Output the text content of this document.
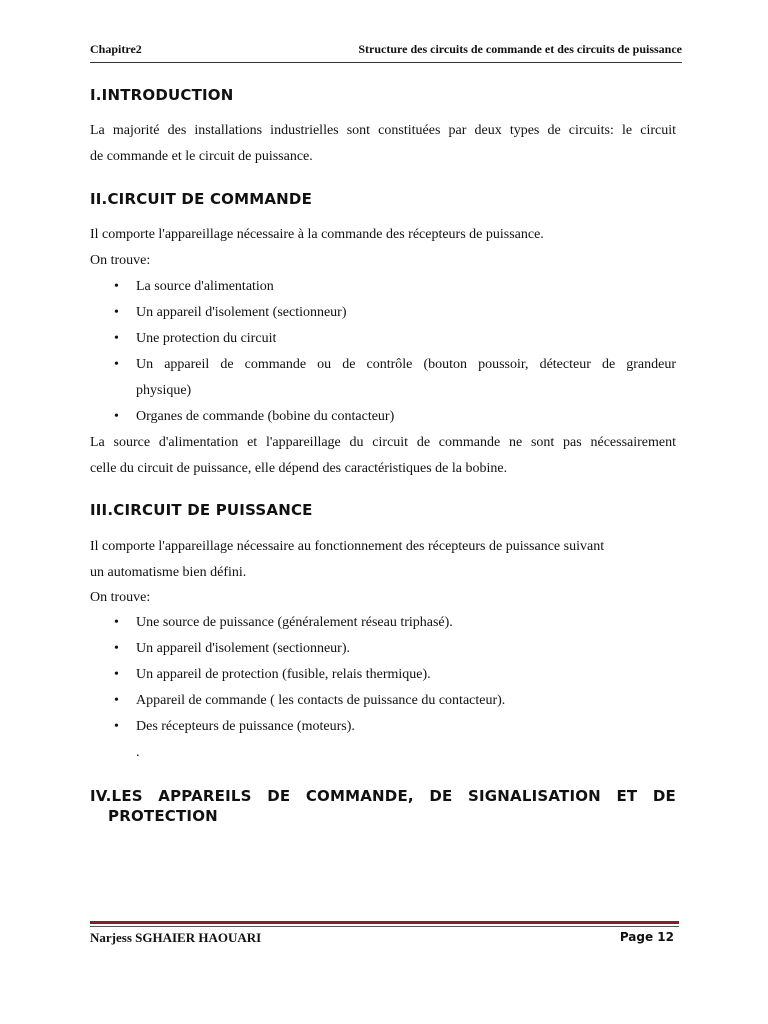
Chapitre2	Structure des circuits de commande et des circuits de puissance
I.INTRODUCTION
La majorité des installations industrielles sont constituées par deux types de circuits: le circuit
de commande et le circuit de puissance.
II.CIRCUIT DE COMMANDE
Il comporte l'appareillage nécessaire à la commande des récepteurs de puissance.
On trouve:
•	La source d'alimentation
•	Un appareil d'isolement (sectionneur)
•	Une protection du circuit
•	Un appareil de commande ou de contrôle (bouton poussoir, détecteur de grandeur
physique)
•	Organes de commande (bobine du contacteur)
La source d'alimentation et l'appareillage du circuit de commande ne sont pas nécessairement
celle du circuit de puissance, elle dépend des caractéristiques de la bobine.
III.CIRCUIT DE PUISSANCE
Il comporte l'appareillage nécessaire au fonctionnement des récepteurs de puissance suivant
un automatisme bien défini.
On trouve:
•	Une source de puissance (généralement réseau triphasé).
•	Un appareil d'isolement (sectionneur).
•	Un appareil de protection (fusible, relais thermique).
•	Appareil de commande ( les contacts de puissance du contacteur).
•	Des récepteurs de puissance (moteurs).
.
IV.LES APPAREILS DE COMMANDE, DE SIGNALISATION ET DE
PROTECTION
Narjess SGHAIER HAOUARI	Page 12
